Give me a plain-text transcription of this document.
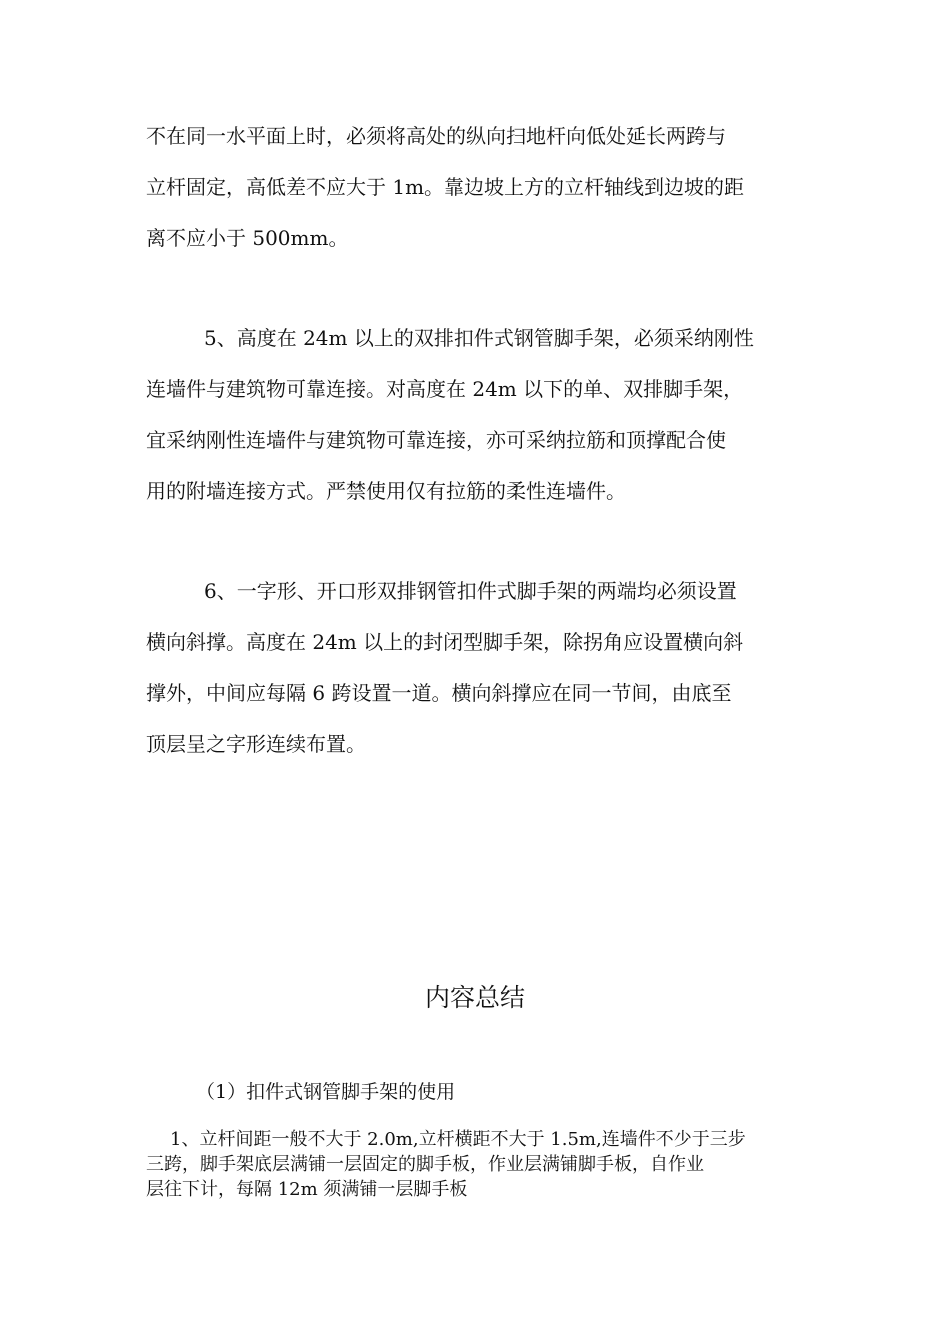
不在同一水平面上时，必须将高处的纵向扫地杆向低处延长两跨与
立杆固定，高低差不应大于 1m。靠边坡上方的立杆轴线到边坡的距
离不应小于 500mm。
5、高度在 24m 以上的双排扣件式钢管脚手架，必须采纳刚性
连墙件与建筑物可靠连接。对高度在 24m 以下的单、双排脚手架，
宜采纳刚性连墙件与建筑物可靠连接，亦可采纳拉筋和顶撑配合使
用的附墙连接方式。严禁使用仅有拉筋的柔性连墙件。
6、一字形、开口形双排钢管扣件式脚手架的两端均必须设置
横向斜撑。高度在 24m 以上的封闭型脚手架，除拐角应设置横向斜
撑外，中间应每隔 6 跨设置一道。横向斜撑应在同一节间，由底至
顶层呈之字形连续布置。
内容总结

（1）扣件式钢管脚手架的使用

1、立杆间距一般不大于 2.0m,立杆横距不大于 1.5m,连墙件不少于三步
三跨，脚手架底层满铺一层固定的脚手板，作业层满铺脚手板，自作业
层往下计，每隔 12m 须满铺一层脚手板
